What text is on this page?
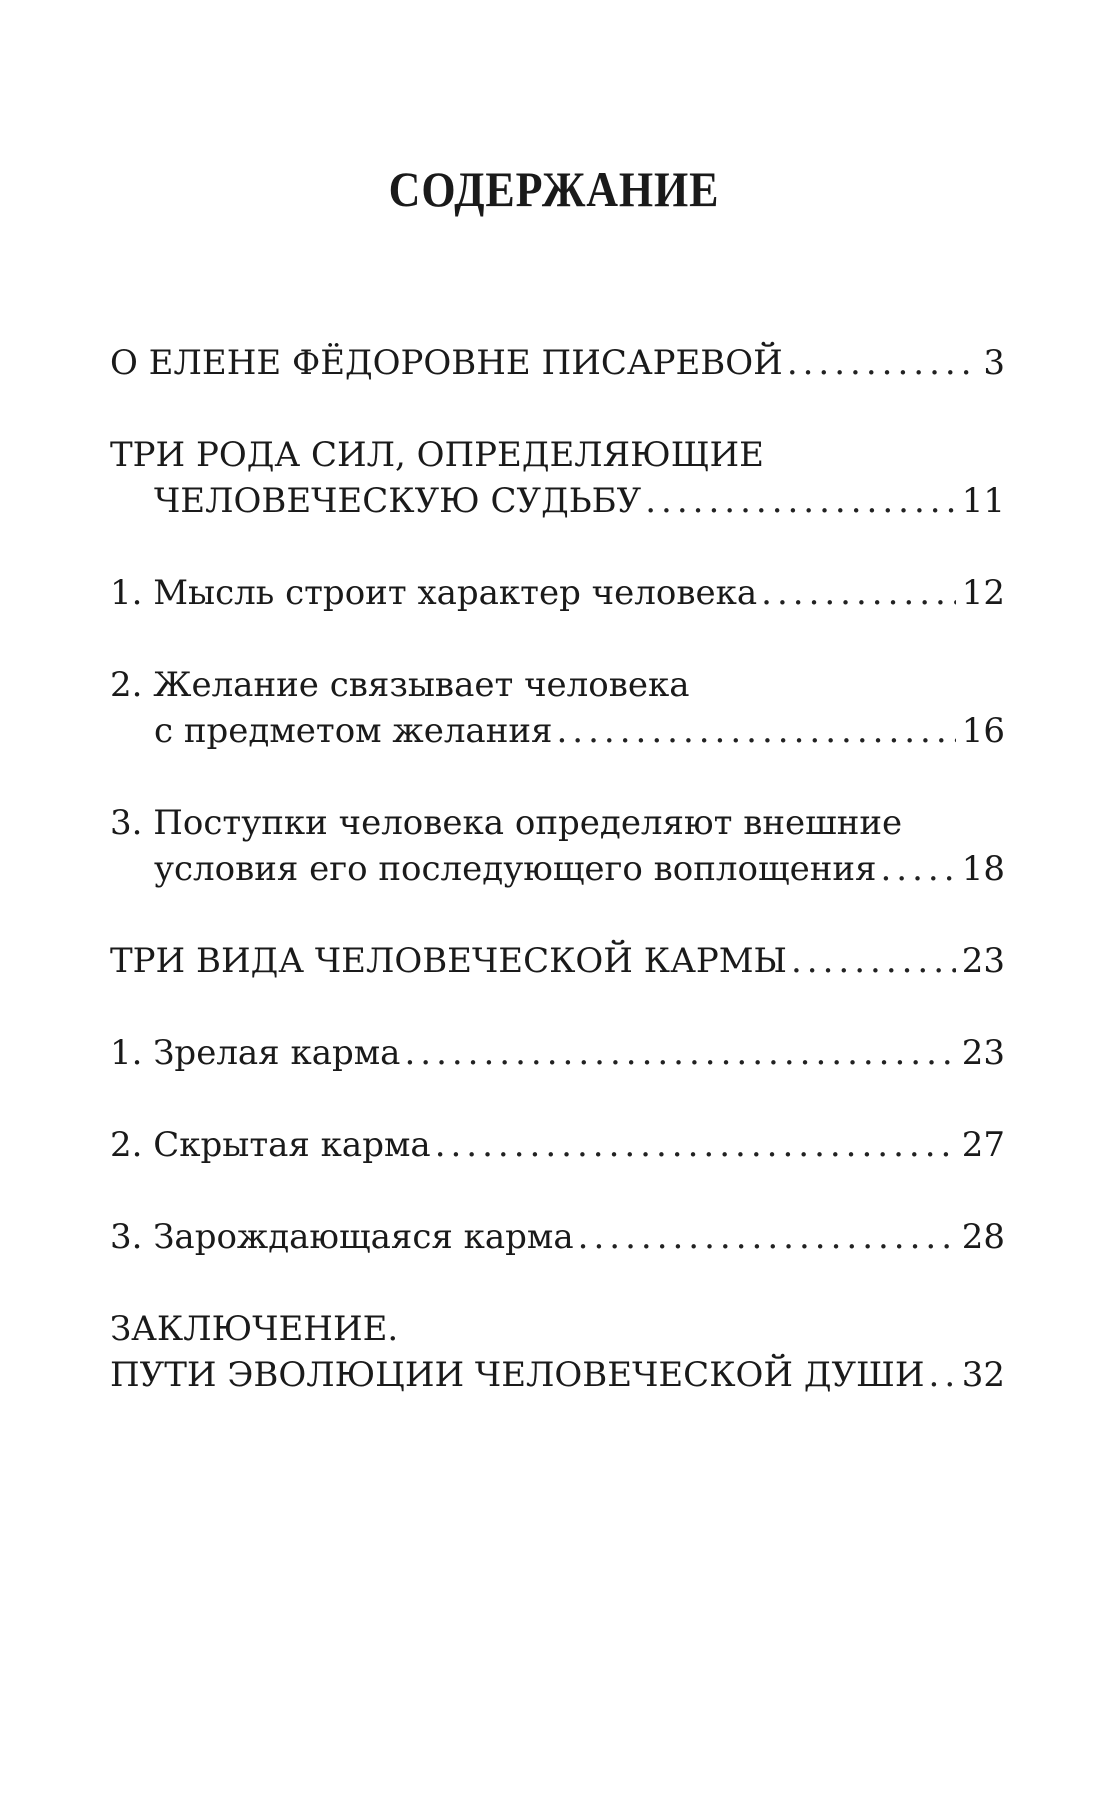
СОДЕРЖАНИЕ
О ЕЛЕНЕ ФЁДОРОВНЕ ПИСАРЕВОЙ .....	3
ТРИ РОДА СИЛ, ОПРЕДЕЛЯЮЩИЕ
ЧЕЛОВЕЧЕСКУЮ СУДЬБУ .....	11
1. Мысль строит характер человека .....	12
2. Желание связывает человека
с предметом желания .....	16
3. Поступки человека определяют внешние
условия его последующего воплощения .....	18
ТРИ ВИДА ЧЕЛОВЕЧЕСКОЙ КАРМЫ .....	23
1. Зрелая карма .....	23
2. Скрытая карма .....	27
3. Зарождающаяся карма .....	28
ЗАКЛЮЧЕНИЕ.
ПУТИ ЭВОЛЮЦИИ ЧЕЛОВЕЧЕСКОЙ ДУШИ ..... 32
